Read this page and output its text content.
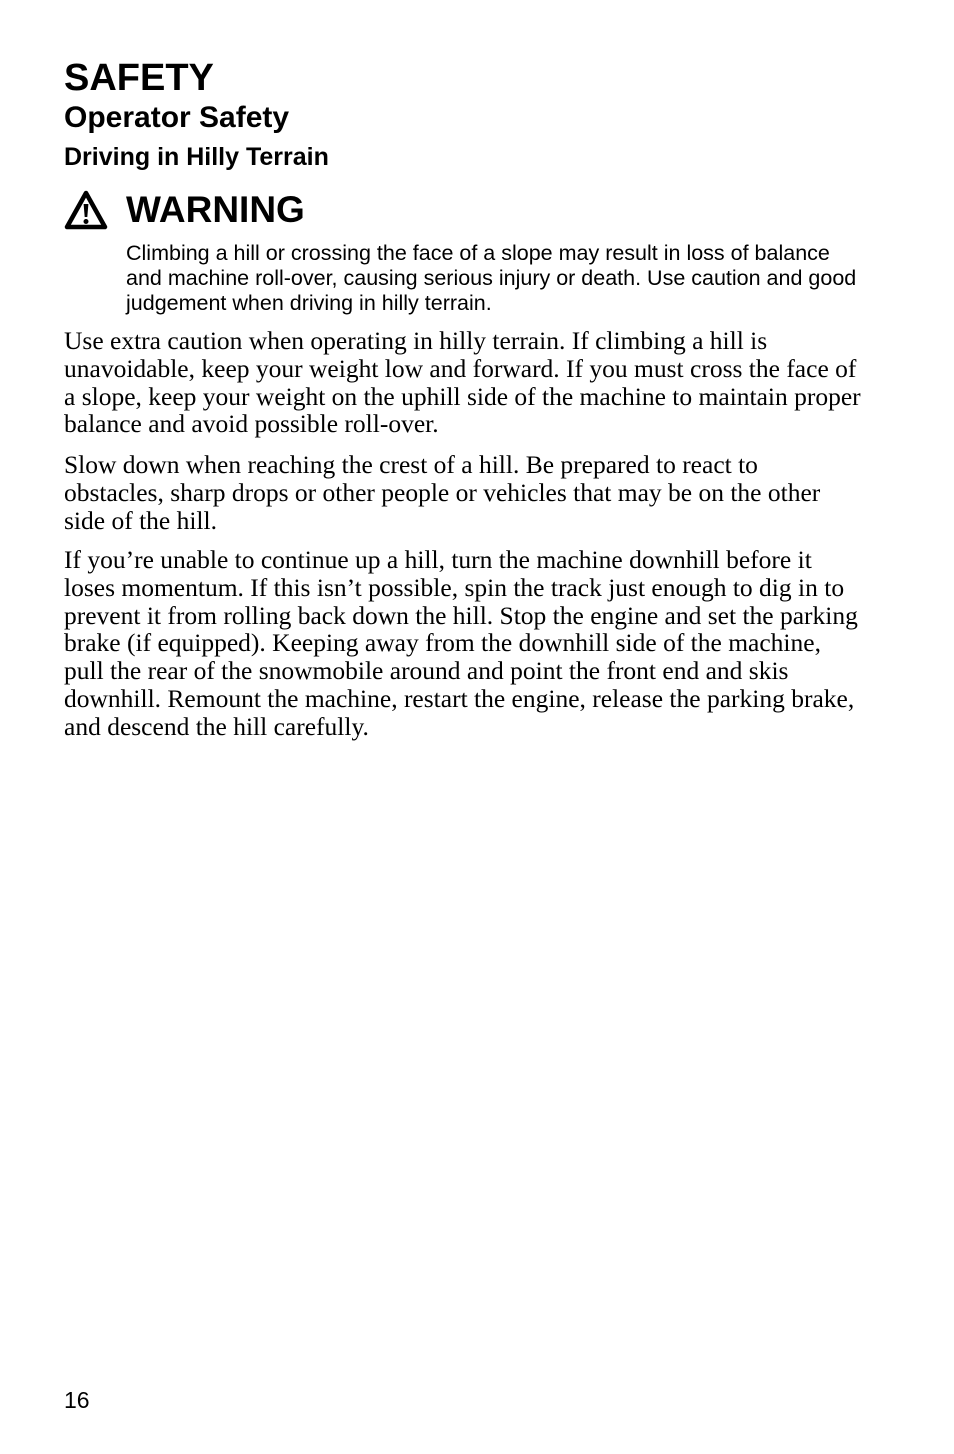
SAFETY
Operator Safety
Driving in Hilly Terrain
WARNING
Climbing a hill or crossing the face of a slope may result in loss of balance and machine roll-over, causing serious injury or death. Use caution and good judgement when driving in hilly terrain.

Use extra caution when operating in hilly terrain. If climbing a hill is unavoidable, keep your weight low and forward. If you must cross the face of a slope, keep your weight on the uphill side of the machine to maintain proper balance and avoid possible roll-over.

Slow down when reaching the crest of a hill. Be prepared to react to obstacles, sharp drops or other people or vehicles that may be on the other side of the hill.

If you’re unable to continue up a hill, turn the machine downhill before it loses momentum. If this isn’t possible, spin the track just enough to dig in to prevent it from rolling back down the hill. Stop the engine and set the parking brake (if equipped). Keeping away from the downhill side of the machine, pull the rear of the snowmobile around and point the front end and skis downhill. Remount the machine, restart the engine, release the parking brake, and descend the hill carefully.

16
